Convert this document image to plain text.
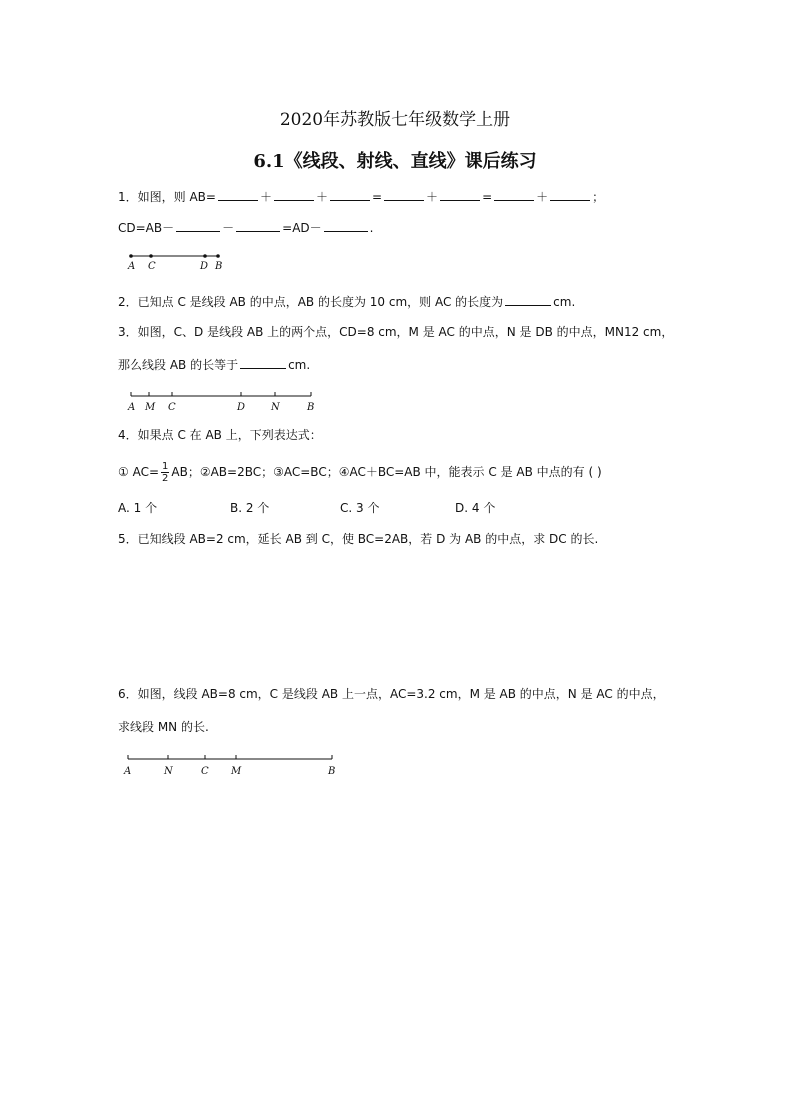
2020年苏教版七年级数学上册
6.1《线段、射线、直线》课后练习
1．如图，则 AB=	＋	＋	=	＋	=	＋	；
CD=AB－	－	=AD－	.
A C	D B
2．已知点 C 是线段 AB 的中点，AB 的长度为 10 cm，则 AC 的长度为	cm.
3．如图，C、D 是线段 AB 上的两个点，CD=8 cm，M 是 AC 的中点，N 是 DB 的中点，MN12 cm，
那么线段 AB 的长等于	cm.
A M C	D	N	B
4．如果点 C 在 AB 上，下列表达式：
① $AC= \frac{1}{2}$ AB；②AB=2BC；③AC=BC；④AC＋BC=AB 中，能表示 C 是 AB 中点的有 ( )
A. 1 个	B. 2 个	C. 3 个	D. 4 个
5．已知线段 AB=2 cm，延长 AB 到 C，使 BC=2AB，若 D 为 AB 的中点，求 DC 的长.
6．如图，线段 AB=8 cm，C 是线段 AB 上一点，AC=3.2 cm，M 是 AB 的中点，N 是 AC 的中点，
求线段 MN 的长.
A	N	C M	B
